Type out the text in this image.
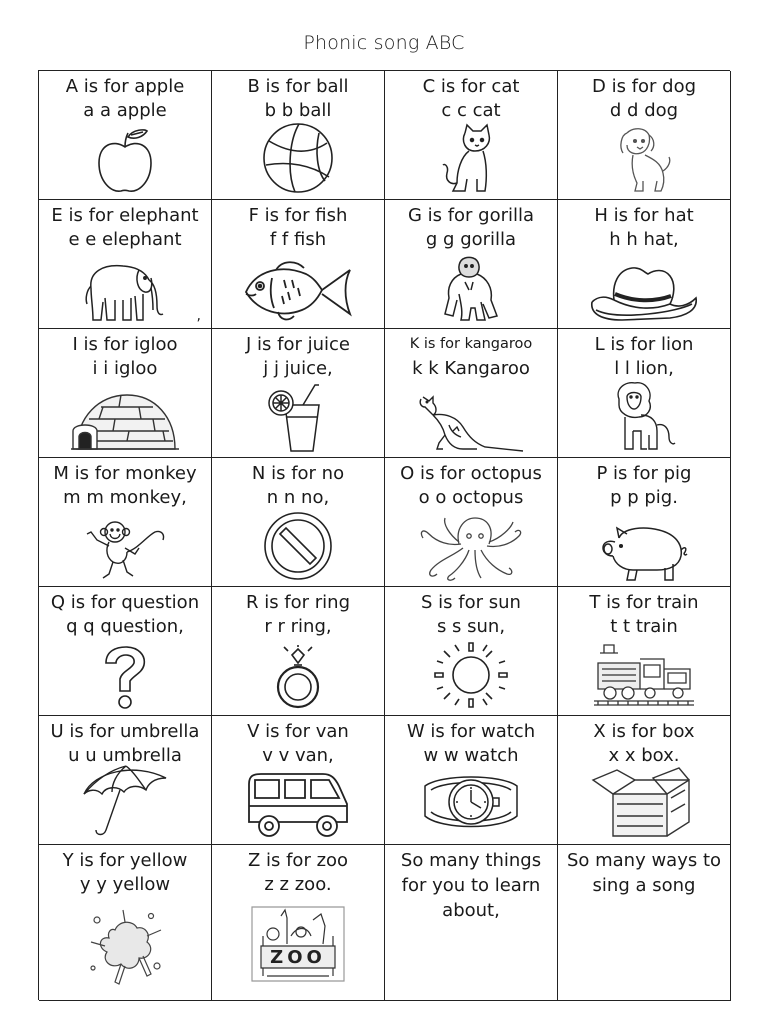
Phonic song ABC
A is for apple
a a apple
B is for ball
b b ball
C is for cat
c c cat
D is for dog
d d dog
E is for elephant
e e elephant
,
F is for fish
f f fish
G is for gorilla
g g gorilla
H is for hat
h h hat,
I is for igloo
i i igloo
J is for juice
j j juice,
K is for kangaroo
k k Kangaroo
L is for lion
l l lion,
M is for monkey
m m monkey,
N is for no
n n no,
O is for octopus
o o octopus
P is for pig
p p pig.
Q is for question
q q question,
R is for ring
r r ring,
S is for sun
s s sun,
T is for train
t t train
U is for umbrella
u u umbrella
V is for van
v v van,
W is for watch
w w watch
X is for box
x x box.
Y is for yellow
y y yellow
Z is for zoo
z z zoo.
ZOO
So many things for you to learn about,
So many ways to sing a song
